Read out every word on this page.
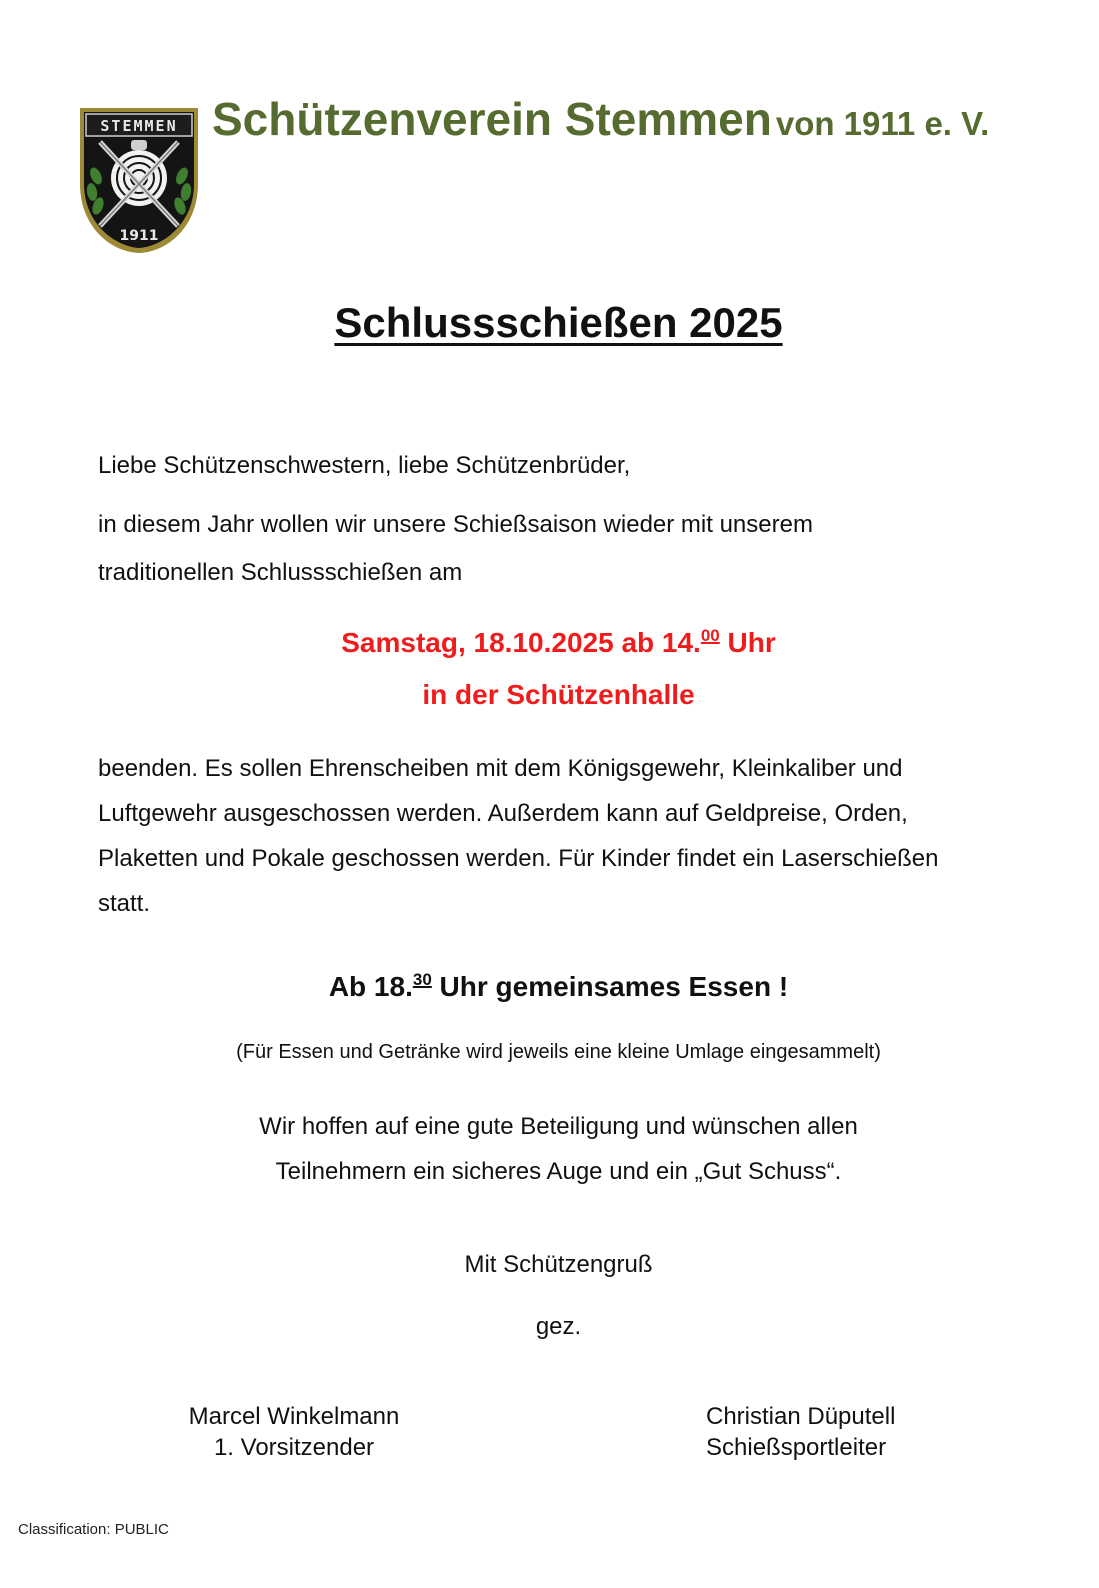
STEMMEN
1911
Schützenverein Stemmen von 1911 e. V.
Schlussschießen 2025
Liebe Schützenschwestern, liebe Schützenbrüder,
in diesem Jahr wollen wir unsere Schießsaison wieder mit unserem
traditionellen Schlussschießen am
Samstag, 18.10.2025 ab 14.00 Uhr
in der Schützenhalle
beenden. Es sollen Ehrenscheiben mit dem Königsgewehr, Kleinkaliber und
Luftgewehr ausgeschossen werden. Außerdem kann auf Geldpreise, Orden,
Plaketten und Pokale geschossen werden. Für Kinder findet ein Laserschießen
statt.
Ab 18.30 Uhr gemeinsames Essen !
(Für Essen und Getränke wird jeweils eine kleine Umlage eingesammelt)
Wir hoffen auf eine gute Beteiligung und wünschen allen
Teilnehmern ein sicheres Auge und ein „Gut Schuss“.
Mit Schützengruß
gez.
Marcel Winkelmann
1. Vorsitzender
Christian Düputell
Schießsportleiter
Classification: PUBLIC
